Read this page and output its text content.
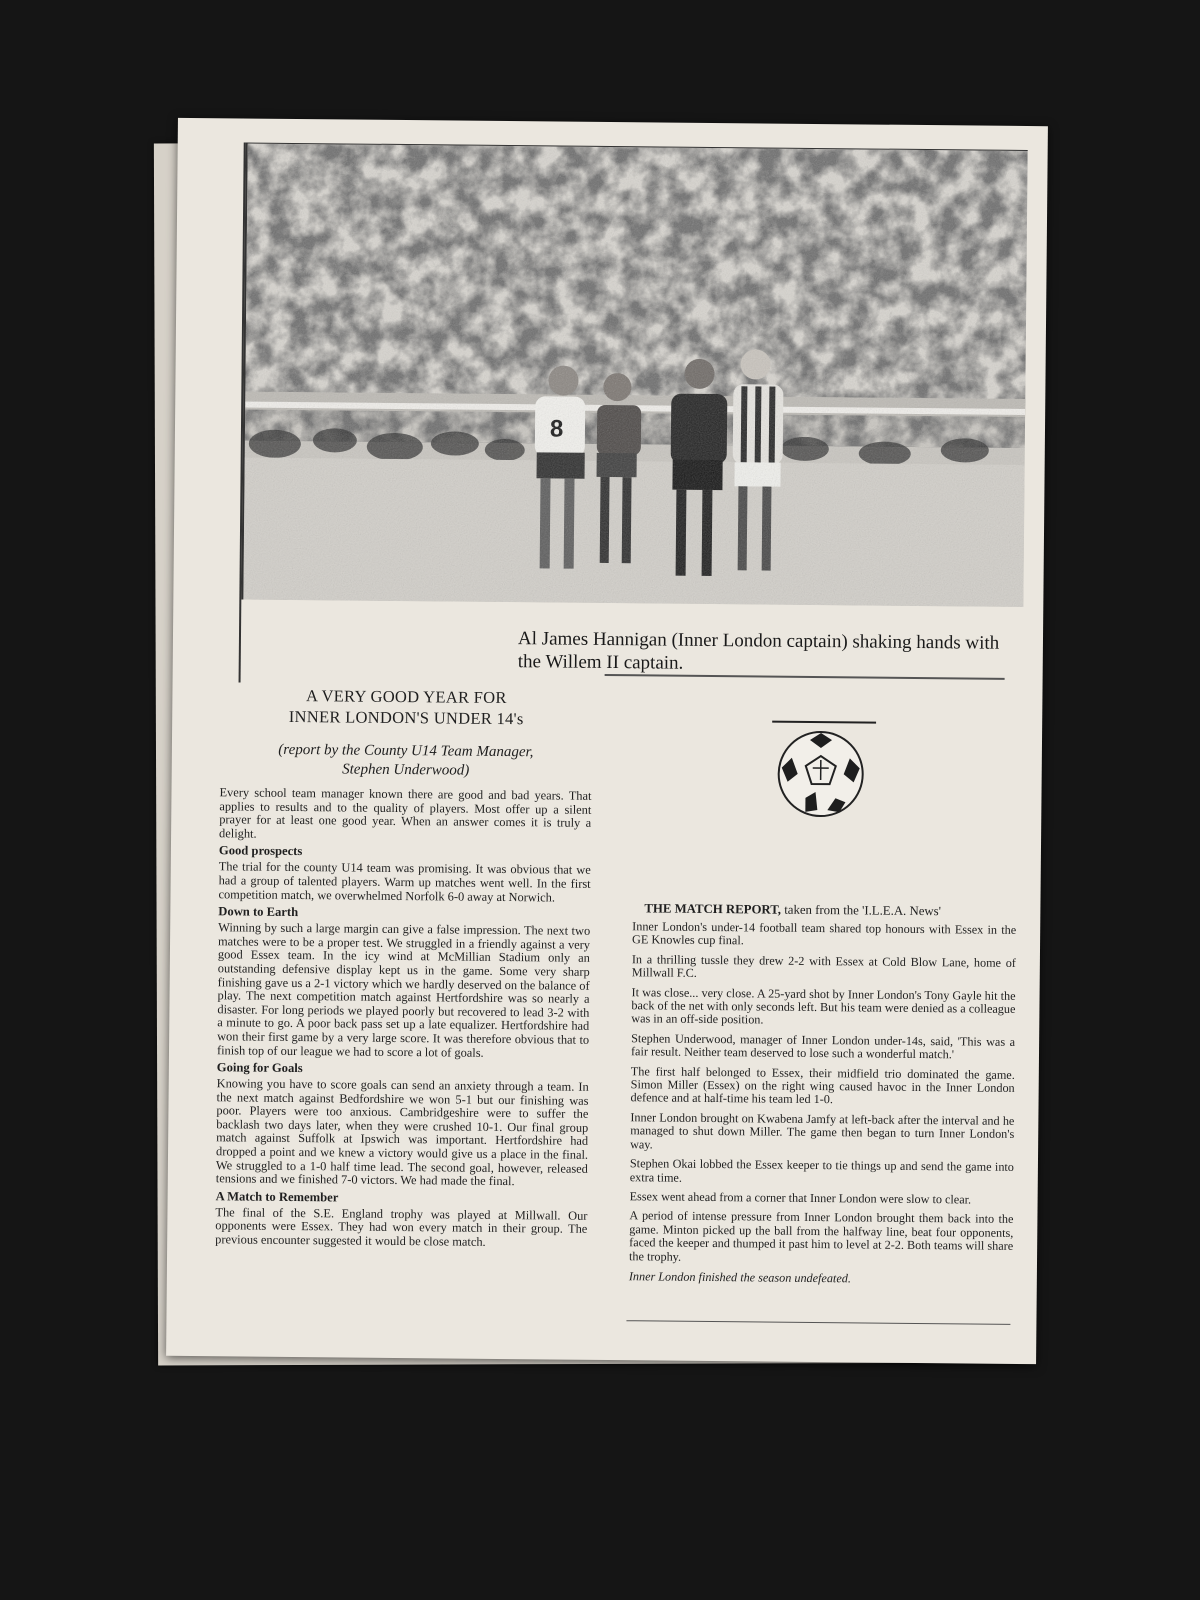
Al James Hannigan (Inner London captain) shaking hands with the Willem II captain.
A VERY GOOD YEAR FOR
INNER LONDON'S UNDER 14's

(report by the County U14 Team Manager,
Stephen Underwood)

Every school team manager known there are good and bad years. That applies to results and to the quality of players. Most offer up a silent prayer for at least one good year. When an answer comes it is truly a delight.

Good prospects

The trial for the county U14 team was promising. It was obvious that we had a group of talented players. Warm up matches went well. In the first competition match, we overwhelmed Norfolk 6-0 away at Norwich.

Down to Earth

Winning by such a large margin can give a false impression. The next two matches were to be a proper test. We struggled in a friendly against a very good Essex team. In the icy wind at McMillian Stadium only an outstanding defensive display kept us in the game. Some very sharp finishing gave us a 2-1 victory which we hardly deserved on the balance of play. The next competition match against Hertfordshire was so nearly a disaster. For long periods we played poorly but recovered to lead 3-2 with a minute to go. A poor back pass set up a late equalizer. Hertfordshire had won their first game by a very large score. It was therefore obvious that to finish top of our league we had to score a lot of goals.

Going for Goals

Knowing you have to score goals can send an anxiety through a team. In the next match against Bedfordshire we won 5-1 but our finishing was poor. Players were too anxious. Cambridgeshire were to suffer the backlash two days later, when they were crushed 10-1. Our final group match against Suffolk at Ipswich was important. Hertfordshire had dropped a point and we knew a victory would give us a place in the final. We struggled to a 1-0 half time lead. The second goal, however, released tensions and we finished 7-0 victors. We had made the final.

A Match to Remember

The final of the S.E. England trophy was played at Millwall. Our opponents were Essex. They had won every match in their group. The previous encounter suggested it would be close match.

THE MATCH REPORT, taken from the 'I.L.E.A. News'

Inner London's under-14 football team shared top honours with Essex in the GE Knowles cup final.

In a thrilling tussle they drew 2-2 with Essex at Cold Blow Lane, home of Millwall F.C.

It was close... very close. A 25-yard shot by Inner London's Tony Gayle hit the back of the net with only seconds left. But his team were denied as a colleague was in an off-side position.

Stephen Underwood, manager of Inner London under-14s, said, 'This was a fair result. Neither team deserved to lose such a wonderful match.'

The first half belonged to Essex, their midfield trio dominated the game. Simon Miller (Essex) on the right wing caused havoc in the Inner London defence and at half-time his team led 1-0.

Inner London brought on Kwabena Jamfy at left-back after the interval and he managed to shut down Miller. The game then began to turn Inner London's way.

Stephen Okai lobbed the Essex keeper to tie things up and send the game into extra time.

Essex went ahead from a corner that Inner London were slow to clear.

A period of intense pressure from Inner London brought them back into the game. Minton picked up the ball from the halfway line, beat four opponents, faced the keeper and thumped it past him to level at 2-2. Both teams will share the trophy.

Inner London finished the season undefeated.
